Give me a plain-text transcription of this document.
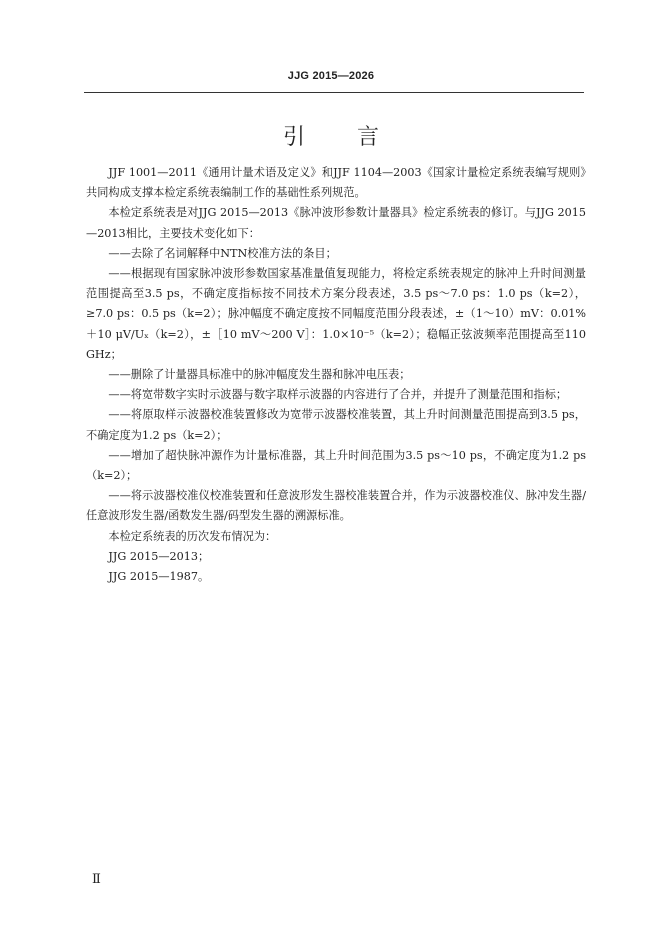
JJG 2015—2026
引 言

JJF 1001—2011《通用计量术语及定义》和JJF 1104—2003《国家计量检定系统表编写规则》共同构成支撑本检定系统表编制工作的基础性系列规范。

本检定系统表是对JJG 2015—2013《脉冲波形参数计量器具》检定系统表的修订。与JJG 2015—2013相比，主要技术变化如下：

——去除了名词解释中NTN校准方法的条目；

——根据现有国家脉冲波形参数国家基准量值复现能力，将检定系统表规定的脉冲上升时间测量范围提高至3.5 ps，不确定度指标按不同技术方案分段表述，3.5 ps～7.0 ps：1.0 ps（k=2），≥7.0 ps：0.5 ps（k=2）；脉冲幅度不确定度按不同幅度范围分段表述，±（1～10）mV：0.01%＋10 μV/Uₓ（k=2），±［10 mV～200 V］：1.0×10⁻⁵（k=2）；稳幅正弦波频率范围提高至110 GHz；

——删除了计量器具标准中的脉冲幅度发生器和脉冲电压表；

——将宽带数字实时示波器与数字取样示波器的内容进行了合并，并提升了测量范围和指标；

——将原取样示波器校准装置修改为宽带示波器校准装置，其上升时间测量范围提高到3.5 ps，不确定度为1.2 ps（k=2）；

——增加了超快脉冲源作为计量标准器，其上升时间范围为3.5 ps～10 ps，不确定度为1.2 ps（k=2）；

——将示波器校准仪校准装置和任意波形发生器校准装置合并，作为示波器校准仪、脉冲发生器/任意波形发生器/函数发生器/码型发生器的溯源标准。

本检定系统表的历次发布情况为：

JJG 2015—2013；

JJG 2015—1987。

Ⅱ
